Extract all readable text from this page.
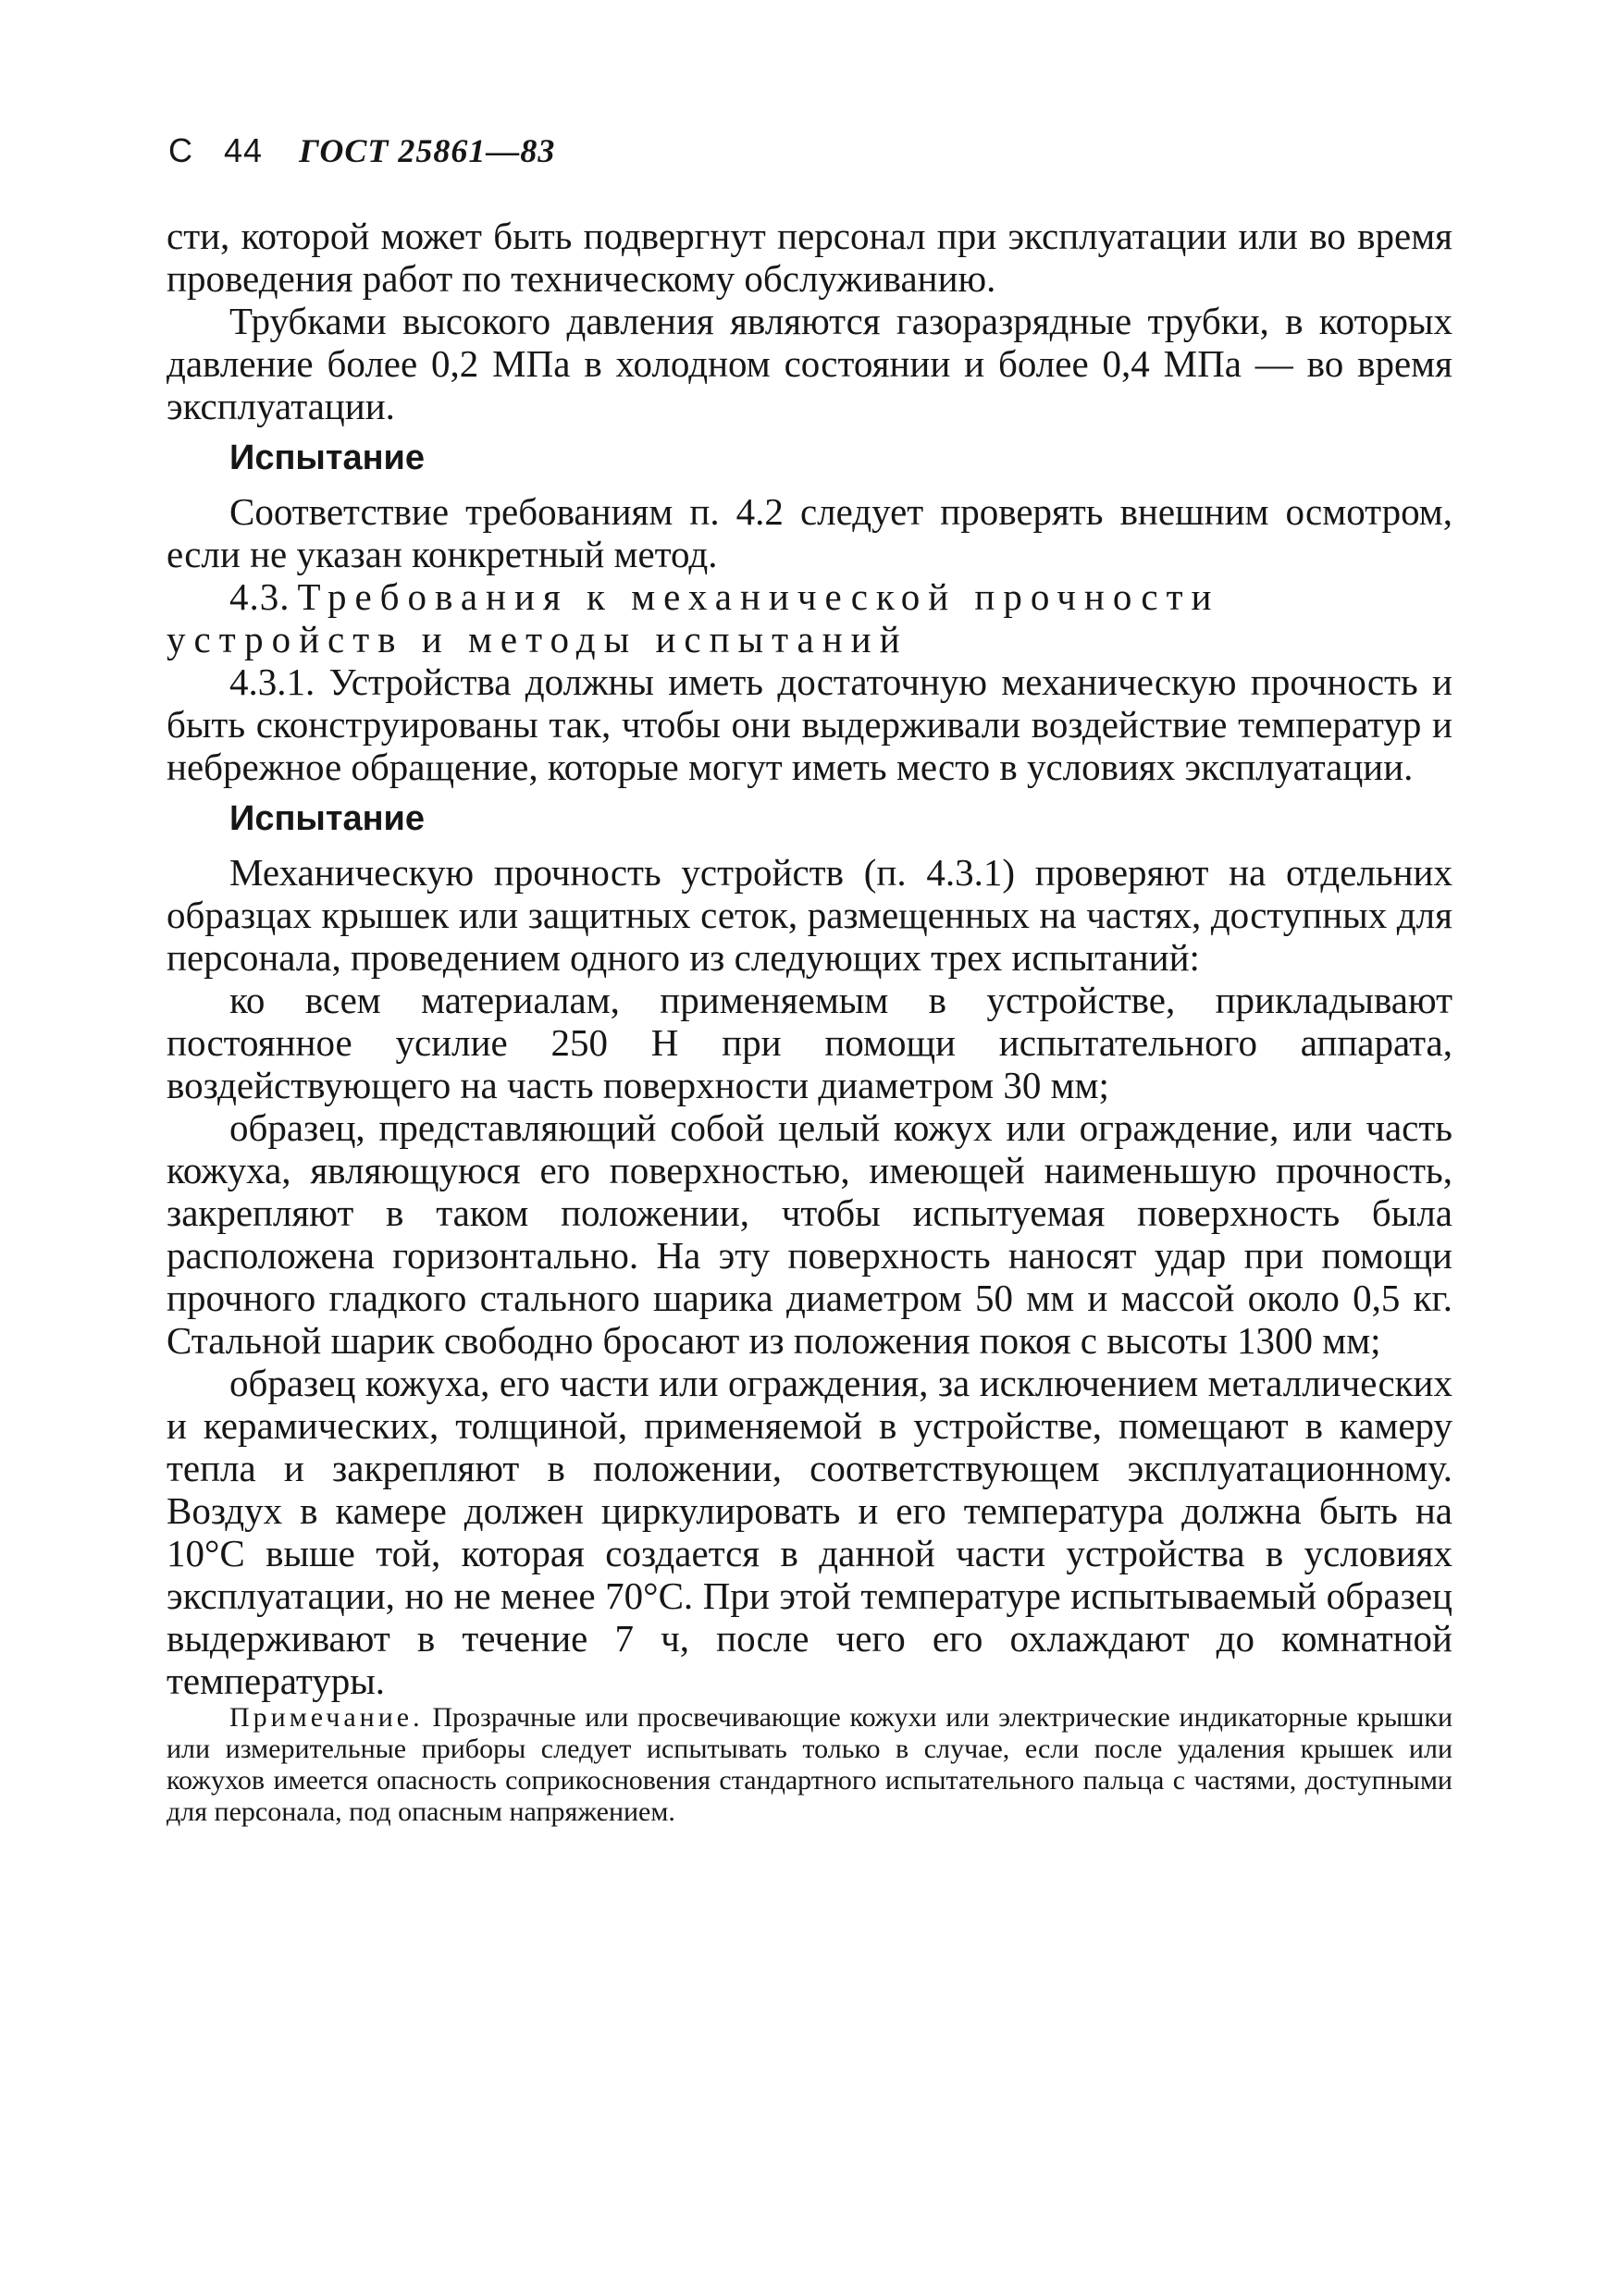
С 44 ГОСТ 25861—83

сти, которой может быть подвергнут персонал при эксплуатации или во время проведения работ по техническому обслуживанию.

Трубками высокого давления являются газоразрядные трубки, в которых давление более 0,2 МПа в холодном состоянии и более 0,4 МПа — во время эксплуатации.

Испытание

Соответствие требованиям п. 4.2 следует проверять внешним осмотром, если не указан конкретный метод.

4.3. Требования к механической прочности устройств и методы испытаний

4.3.1. Устройства должны иметь достаточную механическую прочность и быть сконструированы так, чтобы они выдерживали воздействие температур и небрежное обращение, которые могут иметь место в условиях эксплуатации.

Испытание

Механическую прочность устройств (п. 4.3.1) проверяют на отдельних образцах крышек или защитных сеток, размещенных на частях, доступных для персонала, проведением одного из следующих трех испытаний:

ко всем материалам, применяемым в устройстве, прикладывают постоянное усилие 250 Н при помощи испытательного аппарата, воздействующего на часть поверхности диаметром 30 мм;

образец, представляющий собой целый кожух или ограждение, или часть кожуха, являющуюся его поверхностью, имеющей наименьшую прочность, закрепляют в таком положении, чтобы испытуемая поверхность была расположена горизонтально. На эту поверхность наносят удар при помощи прочного гладкого стального шарика диаметром 50 мм и массой около 0,5 кг. Стальной шарик свободно бросают из положения покоя с высоты 1300 мм;

образец кожуха, его части или ограждения, за исключением металлических и керамических, толщиной, применяемой в устройстве, помещают в камеру тепла и закрепляют в положении, соответствующем эксплуатационному. Воздух в камере должен циркулировать и его температура должна быть на 10°С выше той, которая создается в данной части устройства в условиях эксплуатации, но не менее 70°С. При этой температуре испытываемый образец выдерживают в течение 7 ч, после чего его охлаждают до комнатной температуры.

Примечание. Прозрачные или просвечивающие кожухи или электрические индикаторные крышки или измерительные приборы следует испытывать только в случае, если после удаления крышек или кожухов имеется опасность соприкосновения стандартного испытательного пальца с частями, доступными для персонала, под опасным напряжением.
